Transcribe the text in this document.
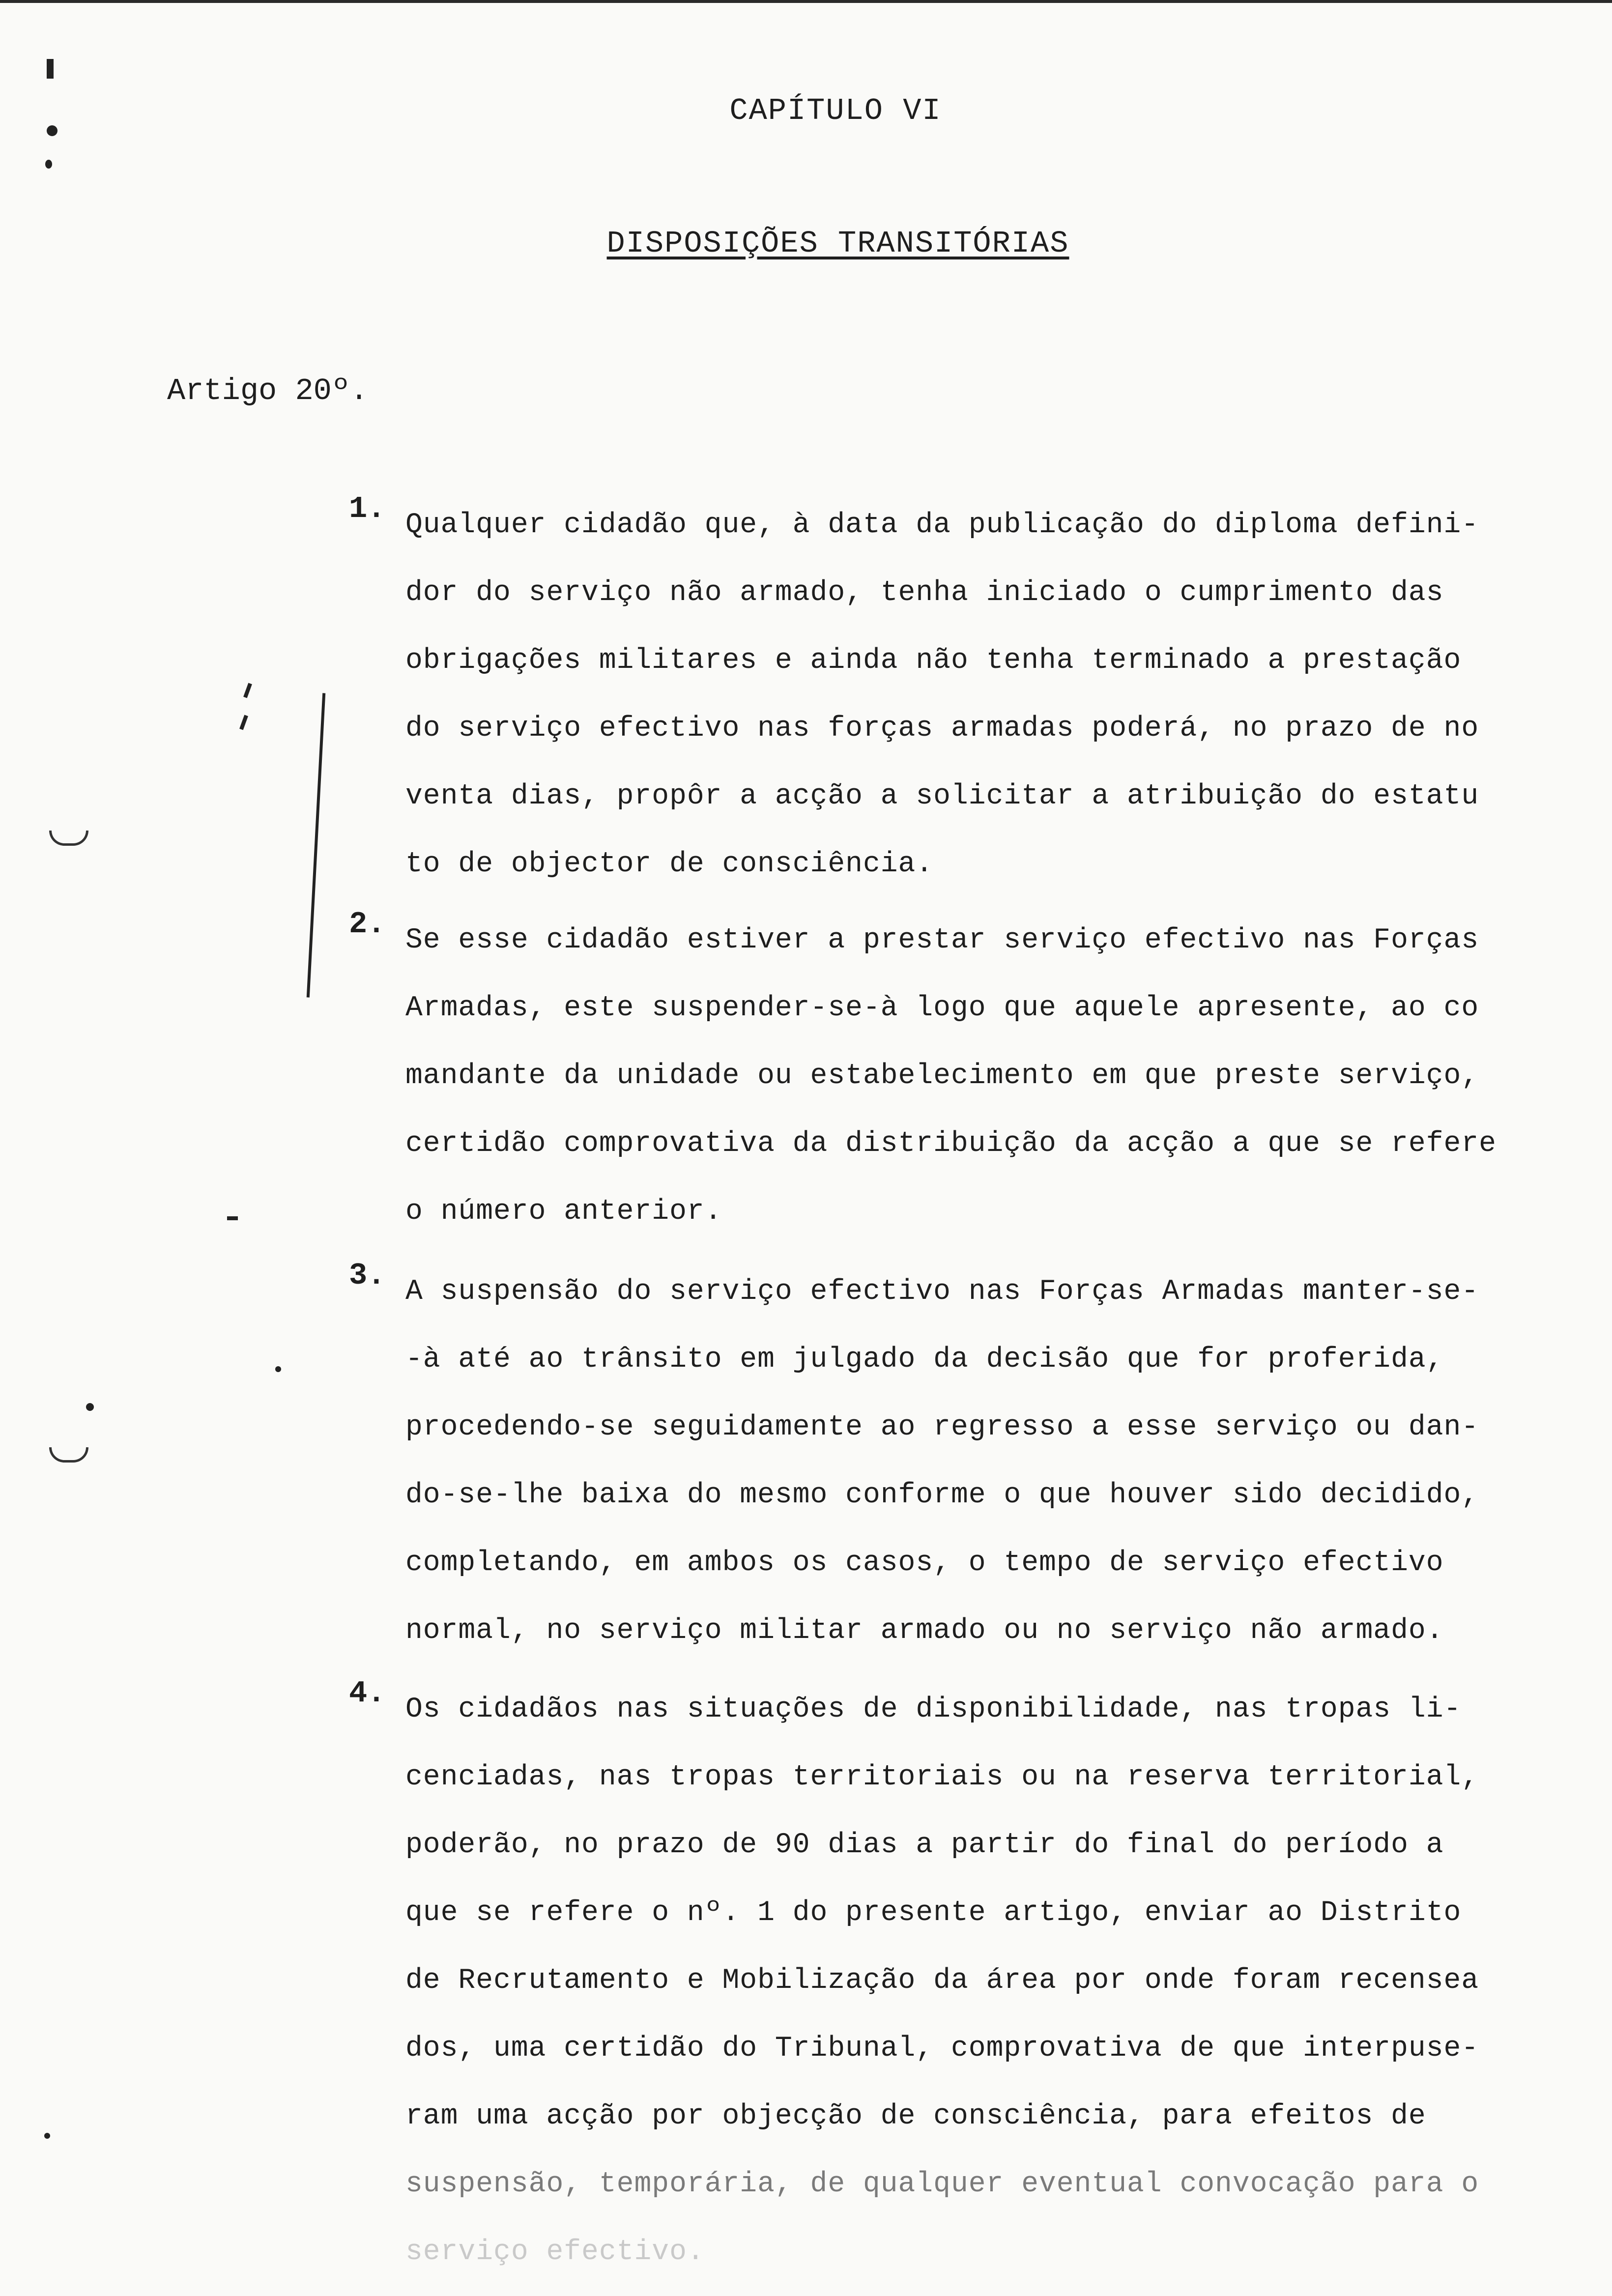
CAPÍTULO VI
DISPOSIÇÕES TRANSITÓRIAS
Artigo 20º.
1. Qualquer cidadão que, à data da publicação do diploma defini-
dor do serviço não armado, tenha iniciado o cumprimento das
obrigações militares e ainda não tenha terminado a prestação
do serviço efectivo nas forças armadas poderá, no prazo de no
venta dias, propôr a acção a solicitar a atribuição do estatu
to de objector de consciência.
2. Se esse cidadão estiver a prestar serviço efectivo nas Forças
Armadas, este suspender-se-à logo que aquele apresente, ao co
mandante da unidade ou estabelecimento em que preste serviço,
certidão comprovativa da distribuição da acção a que se refere
o número anterior.
3. A suspensão do serviço efectivo nas Forças Armadas manter-se-
-à até ao trânsito em julgado da decisão que for proferida,
procedendo-se seguidamente ao regresso a esse serviço ou dan-
do-se-lhe baixa do mesmo conforme o que houver sido decidido,
completando, em ambos os casos, o tempo de serviço efectivo
normal, no serviço militar armado ou no serviço não armado.
4. Os cidadãos nas situações de disponibilidade, nas tropas li-
cenciadas, nas tropas territoriais ou na reserva territorial,
poderão, no prazo de 90 dias a partir do final do período a
que se refere o nº. 1 do presente artigo, enviar ao Distrito
de Recrutamento e Mobilização da área por onde foram recensea
dos, uma certidão do Tribunal, comprovativa de que interpuse-
ram uma acção por objecção de consciência, para efeitos de
suspensão, temporária, de qualquer eventual convocação para o
serviço efectivo.
